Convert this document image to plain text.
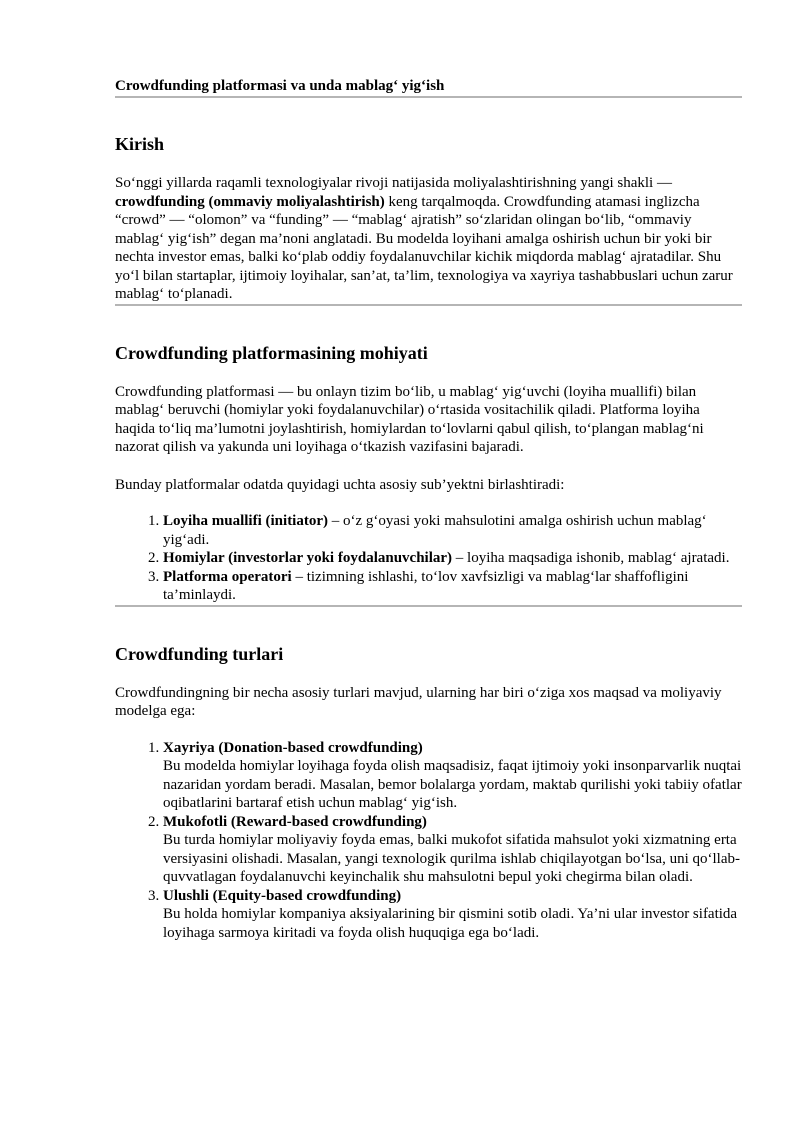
Crowdfunding platformasi va unda mablag‘ yig‘ish

Kirish

So‘nggi yillarda raqamli texnologiyalar rivoji natijasida moliyalashtirishning yangi shakli — crowdfunding (ommaviy moliyalashtirish) keng tarqalmoqda. Crowdfunding atamasi inglizcha “crowd” — “olomon” va “funding” — “mablag‘ ajratish” so‘zlaridan olingan bo‘lib, “ommaviy mablag‘ yig‘ish” degan ma’noni anglatadi. Bu modelda loyihani amalga oshirish uchun bir yoki bir nechta investor emas, balki ko‘plab oddiy foydalanuvchilar kichik miqdorda mablag‘ ajratadilar. Shu yo‘l bilan startaplar, ijtimoiy loyihalar, san’at, ta’lim, texnologiya va xayriya tashabbuslari uchun zarur mablag‘ to‘planadi.

Crowdfunding platformasining mohiyati

Crowdfunding platformasi — bu onlayn tizim bo‘lib, u mablag‘ yig‘uvchi (loyiha muallifi) bilan mablag‘ beruvchi (homiylar yoki foydalanuvchilar) o‘rtasida vositachilik qiladi. Platforma loyiha haqida to‘liq ma’lumotni joylashtirish, homiylardan to‘lovlarni qabul qilish, to‘plangan mablag‘ni nazorat qilish va yakunda uni loyihaga o‘tkazish vazifasini bajaradi.

Bunday platformalar odatda quyidagi uchta asosiy sub’yektni birlashtiradi:

1. Loyiha muallifi (initiator) – o‘z g‘oyasi yoki mahsulotini amalga oshirish uchun mablag‘ yig‘adi.
2. Homiylar (investorlar yoki foydalanuvchilar) – loyiha maqsadiga ishonib, mablag‘ ajratadi.
3. Platforma operatori – tizimning ishlashi, to‘lov xavfsizligi va mablag‘lar shaffofligini ta’minlaydi.
Crowdfunding turlari

Crowdfundingning bir necha asosiy turlari mavjud, ularning har biri o‘ziga xos maqsad va moliyaviy modelga ega:

1. Xayriya (Donation-based crowdfunding)
Bu modelda homiylar loyihaga foyda olish maqsadisiz, faqat ijtimoiy yoki insonparvarlik nuqtai nazaridan yordam beradi. Masalan, bemor bolalarga yordam, maktab qurilishi yoki tabiiy ofatlar oqibatlarini bartaraf etish uchun mablag‘ yig‘ish.
2. Mukofotli (Reward-based crowdfunding)
Bu turda homiylar moliyaviy foyda emas, balki mukofot sifatida mahsulot yoki xizmatning erta versiyasini olishadi. Masalan, yangi texnologik qurilma ishlab chiqilayotgan bo‘lsa, uni qo‘llab-quvvatlagan foydalanuvchi keyinchalik shu mahsulotni bepul yoki chegirma bilan oladi.
3. Ulushli (Equity-based crowdfunding)
Bu holda homiylar kompaniya aksiyalarining bir qismini sotib oladi. Ya’ni ular investor sifatida loyihaga sarmoya kiritadi va foyda olish huquqiga ega bo‘ladi.
